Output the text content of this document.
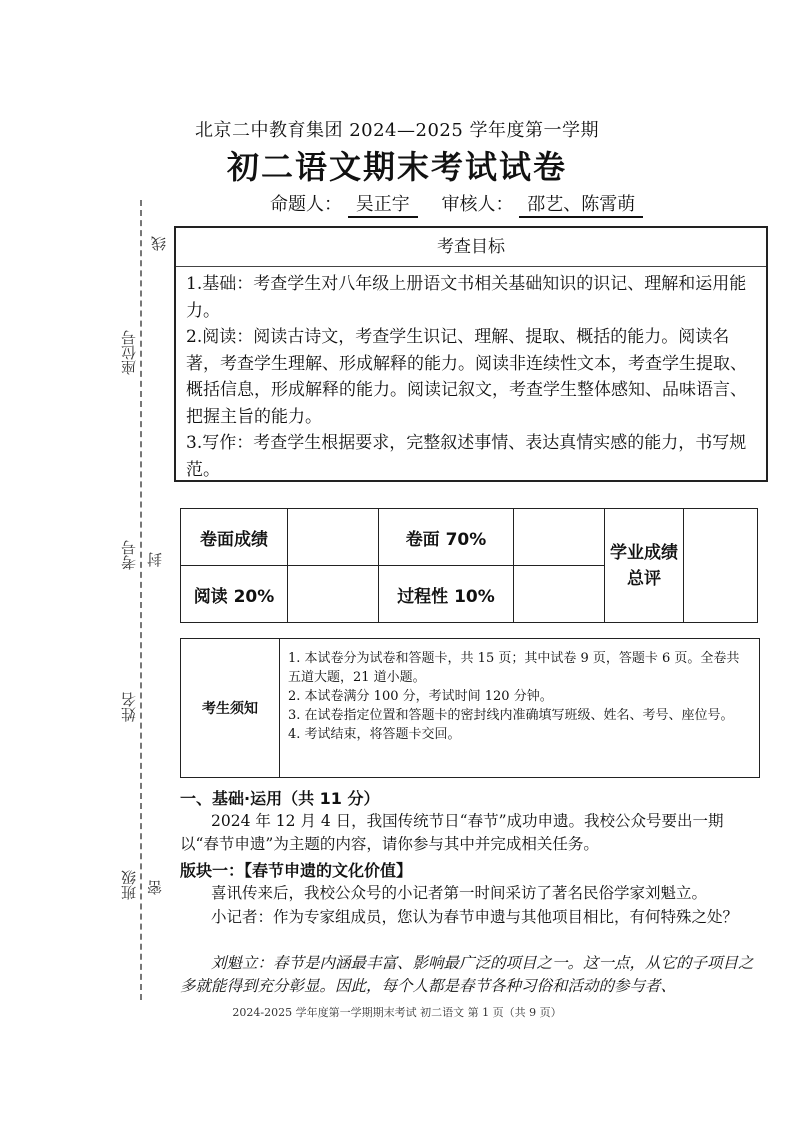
线
座位号
考号 封
姓名
班级 密
北京二中教育集团 2024—2025 学年度第一学期
初二语文期末考试试卷
命题人： 吴正宇 审核人： 邵艺、陈霄萌
考查目标

1.基础：考查学生对八年级上册语文书相关基础知识的识记、理解和运用能力。

2.阅读：阅读古诗文，考查学生识记、理解、提取、概括的能力。阅读名著，考查学生理解、形成解释的能力。阅读非连续性文本，考查学生提取、概括信息，形成解释的能力。阅读记叙文，考查学生整体感知、品味语言、把握主旨的能力。

3.写作：考查学生根据要求，完整叙述事情、表达真情实感的能力，书写规范。

卷面成绩		卷面 70%		学业成绩总评	
阅读 20%		过程性 10%			
考生须知

1. 本试卷分为试卷和答题卡，共 15 页；其中试卷 9 页，答题卡 6 页。全卷共五道大题，21 道小题。

2. 本试卷满分 100 分，考试时间 120 分钟。

3. 在试卷指定位置和答题卡的密封线内准确填写班级、姓名、考号、座位号。

4. 考试结束，将答题卡交回。

一、基础·运用（共 11 分）
2024 年 12 月 4 日，我国传统节日“春节”成功申遗。我校公众号要出一期以“春节申遗”为主题的内容，请你参与其中并完成相关任务。
版块一：【春节申遗的文化价值】
喜讯传来后，我校公众号的小记者第一时间采访了著名民俗学家刘魁立。
小记者：作为专家组成员，您认为春节申遗与其他项目相比，有何特殊之处？
刘魁立：春节是内涵最丰富、影响最广泛的项目之一。这一点，从它的子项目之多就能得到充分彰显。因此，每个人都是春节各种习俗和活动的参与者、
2024-2025 学年度第一学期期末考试 初二语文 第 1 页（共 9 页）
